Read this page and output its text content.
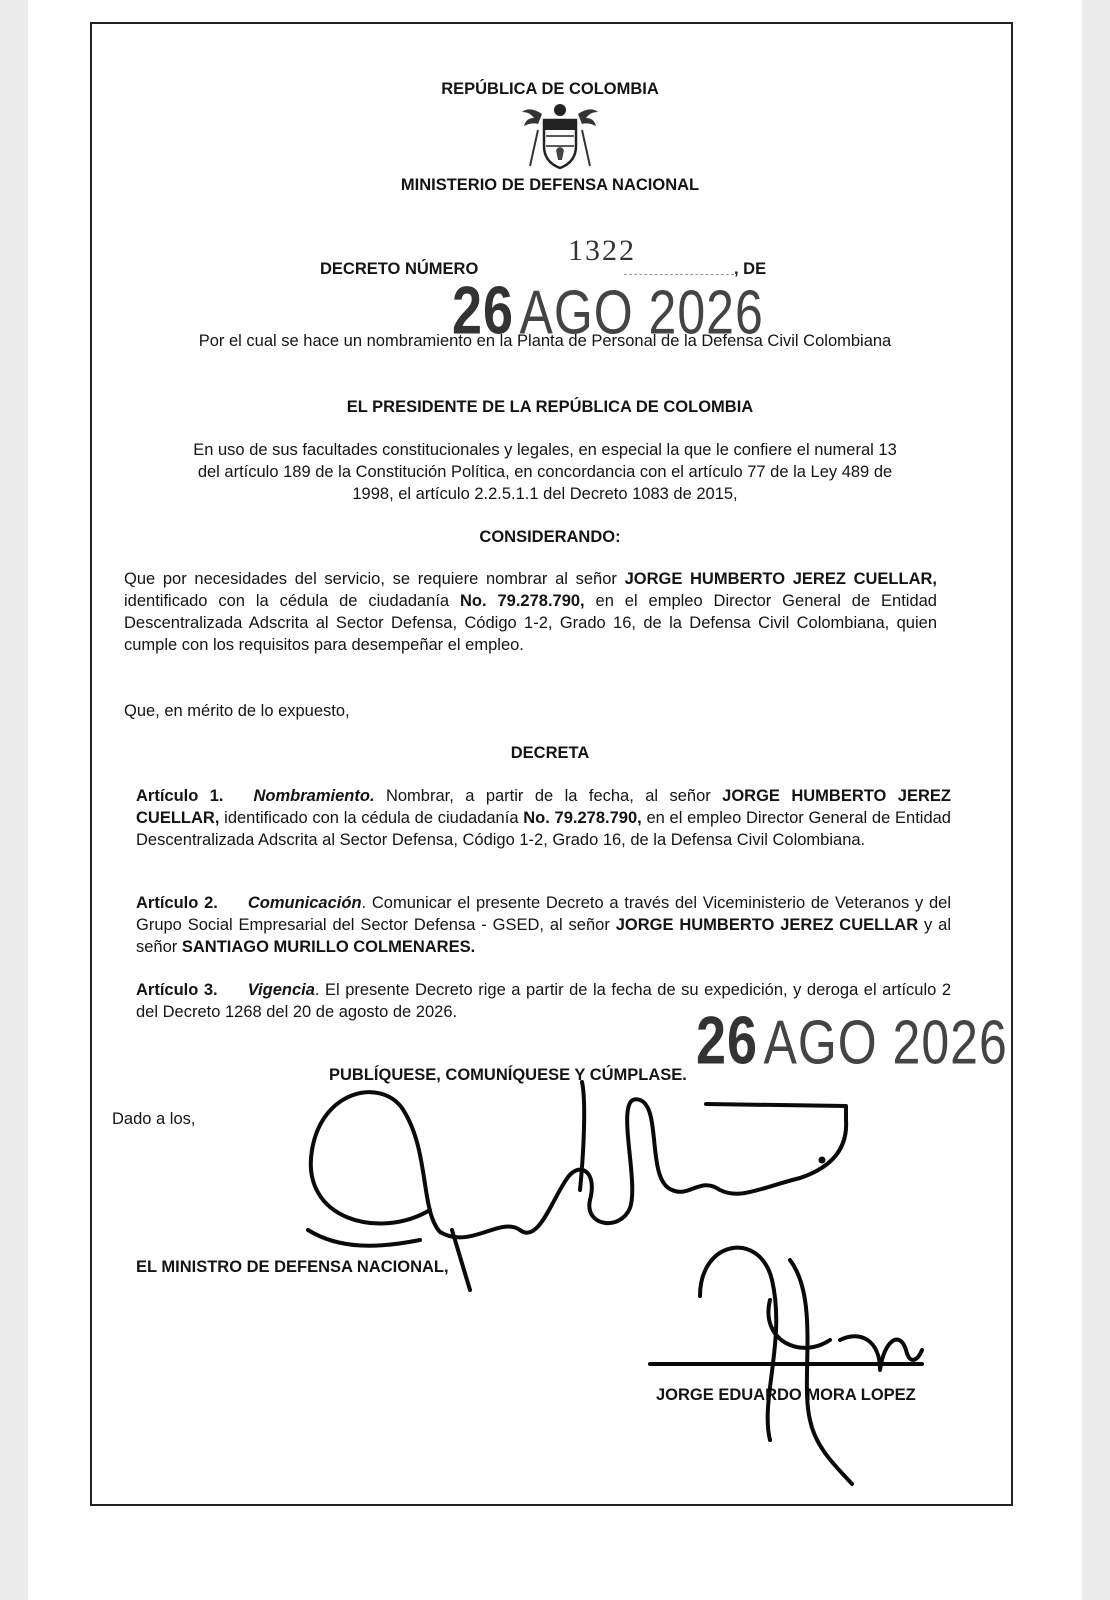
REPÚBLICA DE COLOMBIA
MINISTERIO DE DEFENSA NACIONAL
DECRETO NÚMERO
1322
, DE
26 AGO 2026
Por el cual se hace un nombramiento en la Planta de Personal de la Defensa Civil Colombiana
EL PRESIDENTE DE LA REPÚBLICA DE COLOMBIA
En uso de sus facultades constitucionales y legales, en especial la que le confiere el numeral 13
del artículo 189 de la Constitución Política, en concordancia con el artículo 77 de la Ley 489 de
1998, el artículo 2.2.5.1.1 del Decreto 1083 de 2015,
CONSIDERANDO:
Que por necesidades del servicio, se requiere nombrar al señor JORGE HUMBERTO JEREZ CUELLAR, identificado con la cédula de ciudadanía No. 79.278.790, en el empleo Director General de Entidad Descentralizada Adscrita al Sector Defensa, Código 1-2, Grado 16, de la Defensa Civil Colombiana, quien cumple con los requisitos para desempeñar el empleo.
Que, en mérito de lo expuesto,
DECRETA
Artículo 1. Nombramiento. Nombrar, a partir de la fecha, al señor JORGE HUMBERTO JEREZ CUELLAR, identificado con la cédula de ciudadanía No. 79.278.790, en el empleo Director General de Entidad Descentralizada Adscrita al Sector Defensa, Código 1-2, Grado 16, de la Defensa Civil Colombiana.
Artículo 2. Comunicación. Comunicar el presente Decreto a través del Viceministerio de Veteranos y del Grupo Social Empresarial del Sector Defensa - GSED, al señor JORGE HUMBERTO JEREZ CUELLAR y al señor SANTIAGO MURILLO COLMENARES.
Artículo 3. Vigencia. El presente Decreto rige a partir de la fecha de su expedición, y deroga el artículo 2 del Decreto 1268 del 20 de agosto de 2026.	26 AGO 2026
PUBLÍQUESE, COMUNÍQUESE Y CÚMPLASE.
Dado a los,
EL MINISTRO DE DEFENSA NACIONAL,
JORGE EDUARDO MORA LOPEZ
